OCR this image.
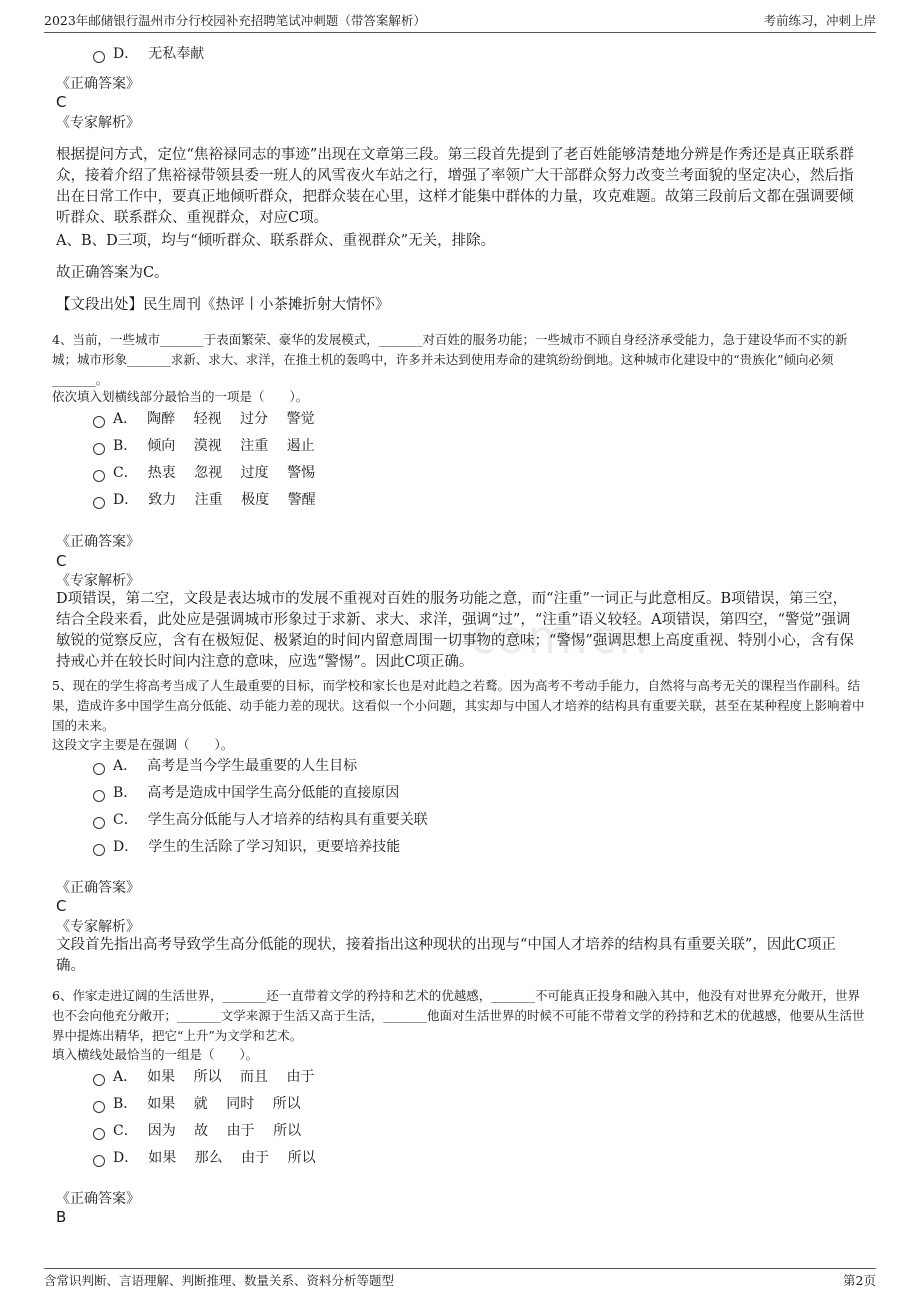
2023年邮储银行温州市分行校园补充招聘笔试冲刺题（带答案解析）	考前练习，冲刺上岸
com.cn
D． 无私奉献
《正确答案》
C
《专家解析》
根据提问方式，定位“焦裕禄同志的事迹”出现在文章第三段。第三段首先提到了老百姓能够清楚地分辨是作秀还是真正联系群众，接着介绍了焦裕禄带领县委一班人的风雪夜火车站之行，增强了率领广大干部群众努力改变兰考面貌的坚定决心，然后指出在日常工作中，要真正地倾听群众，把群众装在心里，这样才能集中群体的力量，攻克难题。故第三段前后文都在强调要倾听群众、联系群众、重视群众，对应C项。
A、B、D三项，均与“倾听群众、联系群众、重视群众”无关，排除。
故正确答案为C。
【文段出处】民生周刊《热评丨小茶摊折射大情怀》
4、当前，一些城市_______于表面繁荣、豪华的发展模式，_______对百姓的服务功能；一些城市不顾自身经济承受能力，急于建设华而不实的新城；城市形象_______求新、求大、求洋，在推土机的轰鸣中，许多并未达到使用寿命的建筑纷纷倒地。这种城市化建设中的“贵族化”倾向必须_______。
依次填入划横线部分最恰当的一项是（　　）。
A． 陶醉 轻视 过分 警觉
B． 倾向 漠视 注重 遏止
C． 热衷 忽视 过度 警惕
D． 致力 注重 极度 警醒
《正确答案》
C
《专家解析》
D项错误，第二空，文段是表达城市的发展不重视对百姓的服务功能之意，而“注重”一词正与此意相反。B项错误，第三空，结合全段来看，此处应是强调城市形象过于求新、求大、求洋，强调“过”，“注重”语义较轻。A项错误，第四空，“警觉”强调敏锐的觉察反应，含有在极短促、极紧迫的时间内留意周围一切事物的意味；“警惕”强调思想上高度重视、特别小心，含有保持戒心并在较长时间内注意的意味，应选“警惕”。因此C项正确。
5、现在的学生将高考当成了人生最重要的目标，而学校和家长也是对此趋之若鹜。因为高考不考动手能力，自然将与高考无关的课程当作副科。结果，造成许多中国学生高分低能、动手能力差的现状。这看似一个小问题，其实却与中国人才培养的结构具有重要关联，甚至在某种程度上影响着中国的未来。
这段文字主要是在强调（　　）。
A． 高考是当今学生最重要的人生目标
B． 高考是造成中国学生高分低能的直接原因
C． 学生高分低能与人才培养的结构具有重要关联
D． 学生的生活除了学习知识，更要培养技能
《正确答案》
C
《专家解析》
文段首先指出高考导致学生高分低能的现状，接着指出这种现状的出现与“中国人才培养的结构具有重要关联”，因此C项正确。
6、作家走进辽阔的生活世界，_______还一直带着文学的矜持和艺术的优越感，_______不可能真正投身和融入其中，他没有对世界充分敞开，世界也不会向他充分敞开；_______文学来源于生活又高于生活，_______他面对生活世界的时候不可能不带着文学的矜持和艺术的优越感，他要从生活世界中提炼出精华，把它“上升”为文学和艺术。
填入横线处最恰当的一组是（　　）。
A． 如果 所以 而且 由于
B． 如果 就 同时 所以
C． 因为 故 由于 所以
D． 如果 那么 由于 所以
《正确答案》
B
含常识判断、言语理解、判断推理、数量关系、资料分析等题型	第2页
